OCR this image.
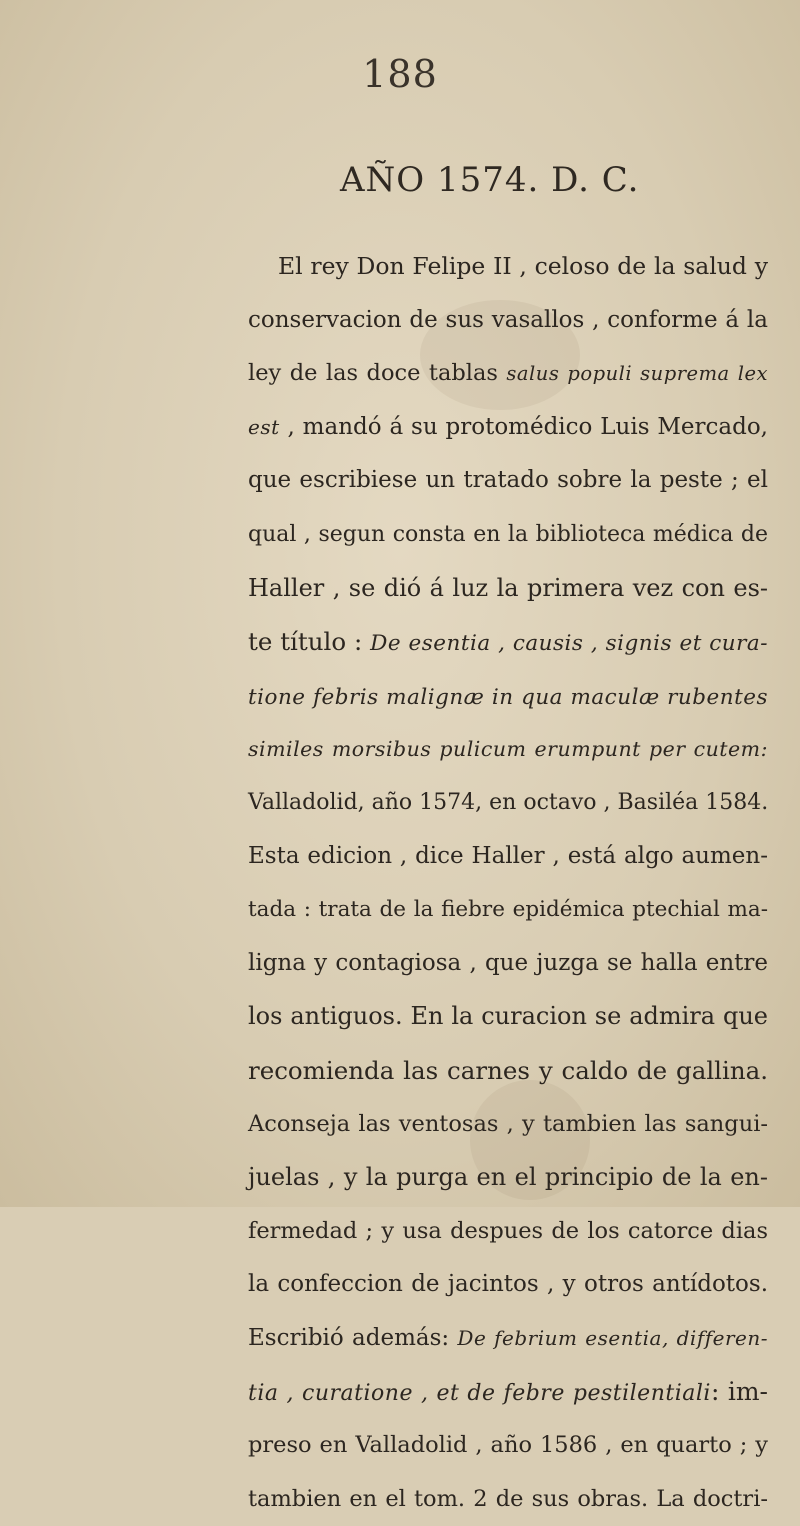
188
AÑO 1574. D. C.
El rey Don Felipe II , celoso de la salud y
conservacion de sus vasallos , conforme á la
ley de las doce tablas salus populi suprema lex
est , mandó á su protomédico Luis Mercado,
que escribiese un tratado sobre la peste ; el
qual , segun consta en la biblioteca médica de
Haller , se dió á luz la primera vez con es-
te título : De esentia , causis , signis et cura-
tione febris malignæ in qua maculæ rubentes
similes morsibus pulicum erumpunt per cutem:
Valladolid, año 1574, en octavo , Basiléa 1584.
Esta edicion , dice Haller , está algo aumen-
tada : trata de la fiebre epidémica ptechial ma-
ligna y contagiosa , que juzga se halla entre
los antiguos. En la curacion se admira que
recomienda las carnes y caldo de gallina.
Aconseja las ventosas , y tambien las sangui-
juelas , y la purga en el principio de la en-
fermedad ; y usa despues de los catorce dias
la confeccion de jacintos , y otros antídotos.
Escribió además: De febrium esentia, differen-
tia , curatione , et de febre pestilentiali: im-
preso en Valladolid , año 1586 , en quarto ; y
tambien en el tom. 2 de sus obras. La doctri-
